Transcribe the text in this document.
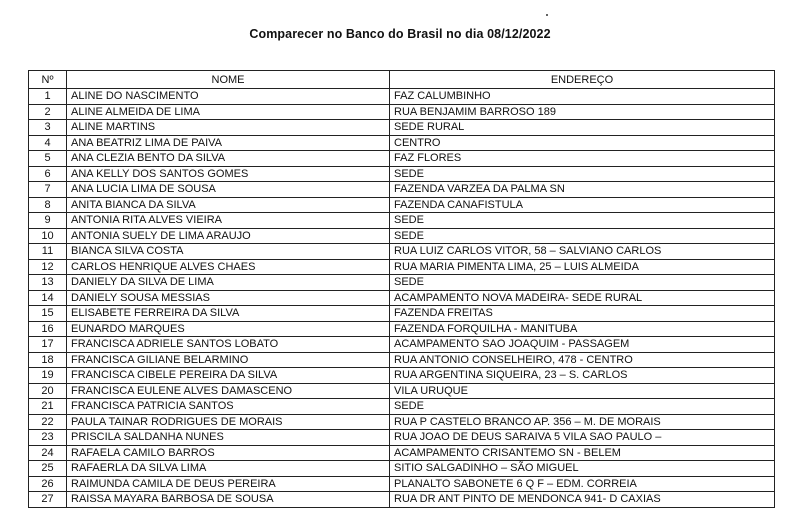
Comparecer no Banco do Brasil no dia 08/12/2022
Nº	NOME	ENDEREÇO
1	ALINE DO NASCIMENTO	FAZ CALUMBINHO
2	ALINE ALMEIDA DE LIMA	RUA BENJAMIM BARROSO 189
3	ALINE MARTINS	SEDE RURAL
4	ANA BEATRIZ LIMA DE PAIVA	CENTRO
5	ANA CLEZIA BENTO DA SILVA	FAZ FLORES
6	ANA KELLY DOS SANTOS GOMES	SEDE
7	ANA LUCIA LIMA DE SOUSA	FAZENDA VARZEA DA PALMA SN
8	ANITA BIANCA DA SILVA	FAZENDA CANAFISTULA
9	ANTONIA RITA ALVES VIEIRA	SEDE
10	ANTONIA SUELY DE LIMA ARAUJO	SEDE
11	BIANCA SILVA COSTA	RUA LUIZ CARLOS VITOR, 58 – SALVIANO CARLOS
12	CARLOS HENRIQUE ALVES CHAES	RUA MARIA PIMENTA LIMA, 25 – LUIS ALMEIDA
13	DANIELY DA SILVA DE LIMA	SEDE
14	DANIELY SOUSA MESSIAS	ACAMPAMENTO NOVA MADEIRA- SEDE RURAL
15	ELISABETE FERREIRA DA SILVA	FAZENDA FREITAS
16	EUNARDO MARQUES	FAZENDA FORQUILHA - MANITUBA
17	FRANCISCA ADRIELE SANTOS LOBATO	ACAMPAMENTO SAO JOAQUIM - PASSAGEM
18	FRANCISCA GILIANE BELARMINO	RUA ANTONIO CONSELHEIRO, 478 - CENTRO
19	FRANCISCA CIBELE PEREIRA DA SILVA	RUA ARGENTINA SIQUEIRA, 23 – S. CARLOS
20	FRANCISCA EULENE ALVES DAMASCENO	VILA URUQUE
21	FRANCISCA PATRICIA SANTOS	SEDE
22	PAULA TAINAR RODRIGUES DE MORAIS	RUA P CASTELO BRANCO AP. 356 – M. DE MORAIS
23	PRISCILA SALDANHA NUNES	RUA JOAO DE DEUS SARAIVA 5 VILA SAO PAULO –
24	RAFAELA CAMILO BARROS	ACAMPAMENTO CRISANTEMO SN - BELEM
25	RAFAERLA DA SILVA LIMA	SITIO SALGADINHO – SÃO MIGUEL
26	RAIMUNDA CAMILA DE DEUS PEREIRA	PLANALTO SABONETE 6 Q F – EDM. CORREIA
27	RAISSA MAYARA BARBOSA DE SOUSA	RUA DR ANT PINTO DE MENDONCA 941- D CAXIAS
